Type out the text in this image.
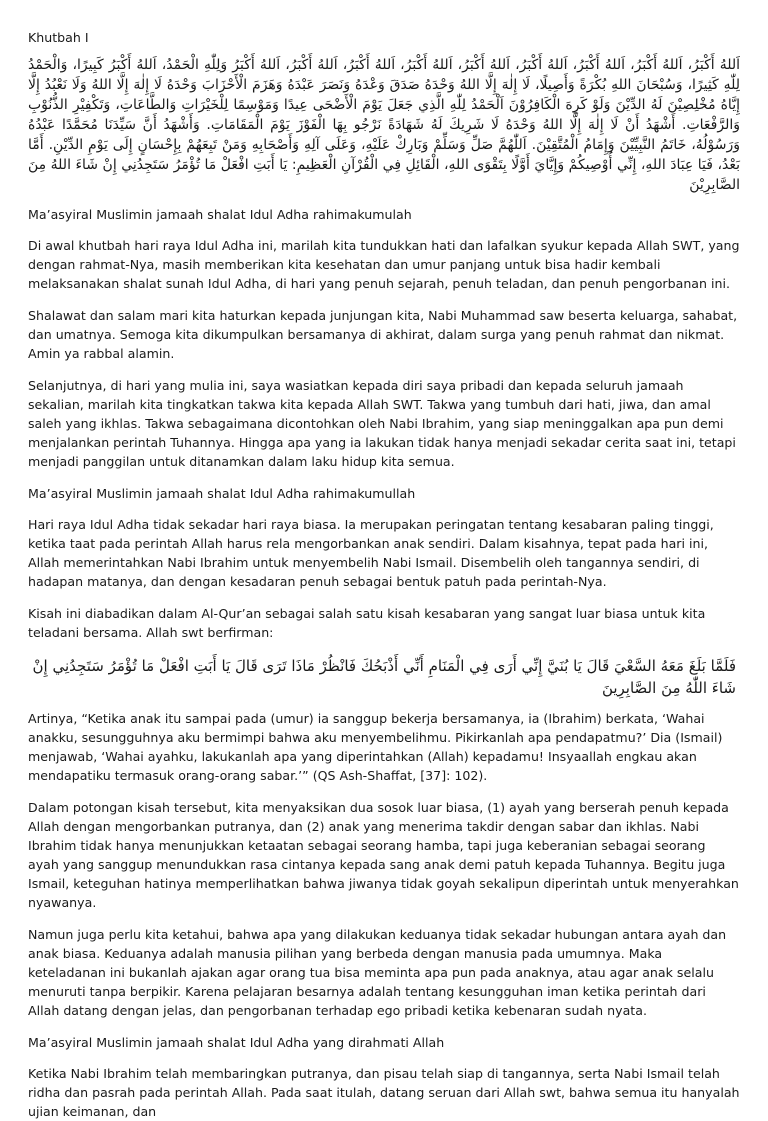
Khutbah I

اَللهُ أَكْبَرُ، اَللهُ أَكْبَرُ، اَللهُ أَكْبَرُ، اَللهُ أَكْبَرُ، اَللهُ أَكْبَرُ، اَللهُ أَكْبَرُ، اَللهُ أَكْبَرُ، اَللهُ أَكْبَرُ، اَللهُ أَكْبَرُ وَلِلّٰهِ الْحَمْدُ، اَللهُ أَكْبَرُ كَبِيرًا، وَالْحَمْدُ لِلّٰهِ كَثِيرًا، وَسُبْحَانَ اللهِ بُكْرَةً وَأَصِيلًا، لَا إِلٰهَ إِلَّا اللهُ وَحْدَهُ صَدَقَ وَعْدَهُ وَنَصَرَ عَبْدَهُ وَهَزَمَ الْأَحْزَابَ وَحْدَهُ لَا إِلٰهَ إِلَّا اللهُ وَلَا نَعْبُدُ إِلَّا إِيَّاهُ مُخْلِصِيْنَ لَهُ الدِّيْنَ وَلَوْ كَرِهَ الْكَافِرُوْنَ اَلْحَمْدُ لِلّٰهِ الَّذِي جَعَلَ يَوْمَ الْأَضْحَى عِيدًا وَمَوْسِمًا لِلْخَيْرَاتِ وَالطَّاعَاتِ، وَتَكْفِيْرِ الذُّنُوْبِ وَالرَّفْعَاتِ. أَشْهَدُ أَنْ لَا إِلٰهَ إِلَّا اللهُ وَحْدَهُ لَا شَرِيكَ لَهُ شَهَادَةً نَرْجُو بِهَا الْفَوْزَ يَوْمَ الْمَقَامَاتِ. وَأَشْهَدُ أَنَّ سَيِّدَنَا مُحَمَّدًا عَبْدُهُ وَرَسُوْلُهُ، خَاتَمُ النَّبِيِّيْنَ وَإِمَامُ الْمُتَّقِيْنَ. اَللّٰهُمَّ صَلِّ وَسَلِّمْ وَبَارِكْ عَلَيْهِ، وَعَلَى آلِهِ وَأَصْحَابِهِ وَمَنْ تَبِعَهُمْ بِإِحْسَانٍ إِلَى يَوْمِ الدِّيْنِ. أَمَّا بَعْدُ، فَيَا عِبَادَ اللهِ، إِنِّي أُوْصِيكُمْ وَإِيَّايَ أَوَّلًا بِتَقْوَى اللهِ، الْقَائِلِ فِي الْقُرْآنِ الْعَظِيمِ: يَا أَبَتِ افْعَلْ مَا تُؤْمَرُ سَتَجِدُنِي إِنْ شَاءَ اللهُ مِنَ الصَّابِرِيْنَ

Ma’asyiral Muslimin jamaah shalat Idul Adha rahimakumulah

Di awal khutbah hari raya Idul Adha ini, marilah kita tundukkan hati dan lafalkan syukur kepada Allah SWT, yang dengan rahmat-Nya, masih memberikan kita kesehatan dan umur panjang untuk bisa hadir kembali melaksanakan shalat sunah Idul Adha, di hari yang penuh sejarah, penuh teladan, dan penuh pengorbanan ini.

Shalawat dan salam mari kita haturkan kepada junjungan kita, Nabi Muhammad saw beserta keluarga, sahabat, dan umatnya. Semoga kita dikumpulkan bersamanya di akhirat, dalam surga yang penuh rahmat dan nikmat. Amin ya rabbal alamin.

Selanjutnya, di hari yang mulia ini, saya wasiatkan kepada diri saya pribadi dan kepada seluruh jamaah sekalian, marilah kita tingkatkan takwa kita kepada Allah SWT. Takwa yang tumbuh dari hati, jiwa, dan amal saleh yang ikhlas. Takwa sebagaimana dicontohkan oleh Nabi Ibrahim, yang siap meninggalkan apa pun demi menjalankan perintah Tuhannya. Hingga apa yang ia lakukan tidak hanya menjadi sekadar cerita saat ini, tetapi menjadi panggilan untuk ditanamkan dalam laku hidup kita semua.

Ma’asyiral Muslimin jamaah shalat Idul Adha rahimakumullah

Hari raya Idul Adha tidak sekadar hari raya biasa. Ia merupakan peringatan tentang kesabaran paling tinggi, ketika taat pada perintah Allah harus rela mengorbankan anak sendiri. Dalam kisahnya, tepat pada hari ini, Allah memerintahkan Nabi Ibrahim untuk menyembelih Nabi Ismail. Disembelih oleh tangannya sendiri, di hadapan matanya, dan dengan kesadaran penuh sebagai bentuk patuh pada perintah-Nya.

Kisah ini diabadikan dalam Al-Qur’an sebagai salah satu kisah kesabaran yang sangat luar biasa untuk kita teladani bersama. Allah swt berfirman:

فَلَمَّا بَلَغَ مَعَهُ السَّعْيَ قَالَ يَا بُنَيَّ إِنِّي أَرَى فِي الْمَنَامِ أَنِّي أَذْبَحُكَ فَانْظُرْ مَاذَا تَرَى قَالَ يَا أَبَتِ افْعَلْ مَا تُؤْمَرُ سَتَجِدُنِي إِنْ شَاءَ اللّٰهُ مِنَ الصَّابِرِينَ

Artinya, “Ketika anak itu sampai pada (umur) ia sanggup bekerja bersamanya, ia (Ibrahim) berkata, ‘Wahai anakku, sesungguhnya aku bermimpi bahwa aku menyembelihmu. Pikirkanlah apa pendapatmu?’ Dia (Ismail) menjawab, ‘Wahai ayahku, lakukanlah apa yang diperintahkan (Allah) kepadamu! Insyaallah engkau akan mendapatiku termasuk orang-orang sabar.’” (QS Ash-Shaffat, [37]: 102).

Dalam potongan kisah tersebut, kita menyaksikan dua sosok luar biasa, (1) ayah yang berserah penuh kepada Allah dengan mengorbankan putranya, dan (2) anak yang menerima takdir dengan sabar dan ikhlas. Nabi Ibrahim tidak hanya menunjukkan ketaatan sebagai seorang hamba, tapi juga keberanian sebagai seorang ayah yang sanggup menundukkan rasa cintanya kepada sang anak demi patuh kepada Tuhannya. Begitu juga Ismail, keteguhan hatinya memperlihatkan bahwa jiwanya tidak goyah sekalipun diperintah untuk menyerahkan nyawanya.

Namun juga perlu kita ketahui, bahwa apa yang dilakukan keduanya tidak sekadar hubungan antara ayah dan anak biasa. Keduanya adalah manusia pilihan yang berbeda dengan manusia pada umumnya. Maka keteladanan ini bukanlah ajakan agar orang tua bisa meminta apa pun pada anaknya, atau agar anak selalu menuruti tanpa berpikir. Karena pelajaran besarnya adalah tentang kesungguhan iman ketika perintah dari Allah datang dengan jelas, dan pengorbanan terhadap ego pribadi ketika kebenaran sudah nyata.

Ma’asyiral Muslimin jamaah shalat Idul Adha yang dirahmati Allah

Ketika Nabi Ibrahim telah membaringkan putranya, dan pisau telah siap di tangannya, serta Nabi Ismail telah ridha dan pasrah pada perintah Allah. Pada saat itulah, datang seruan dari Allah swt, bahwa semua itu hanyalah ujian keimanan, dan
